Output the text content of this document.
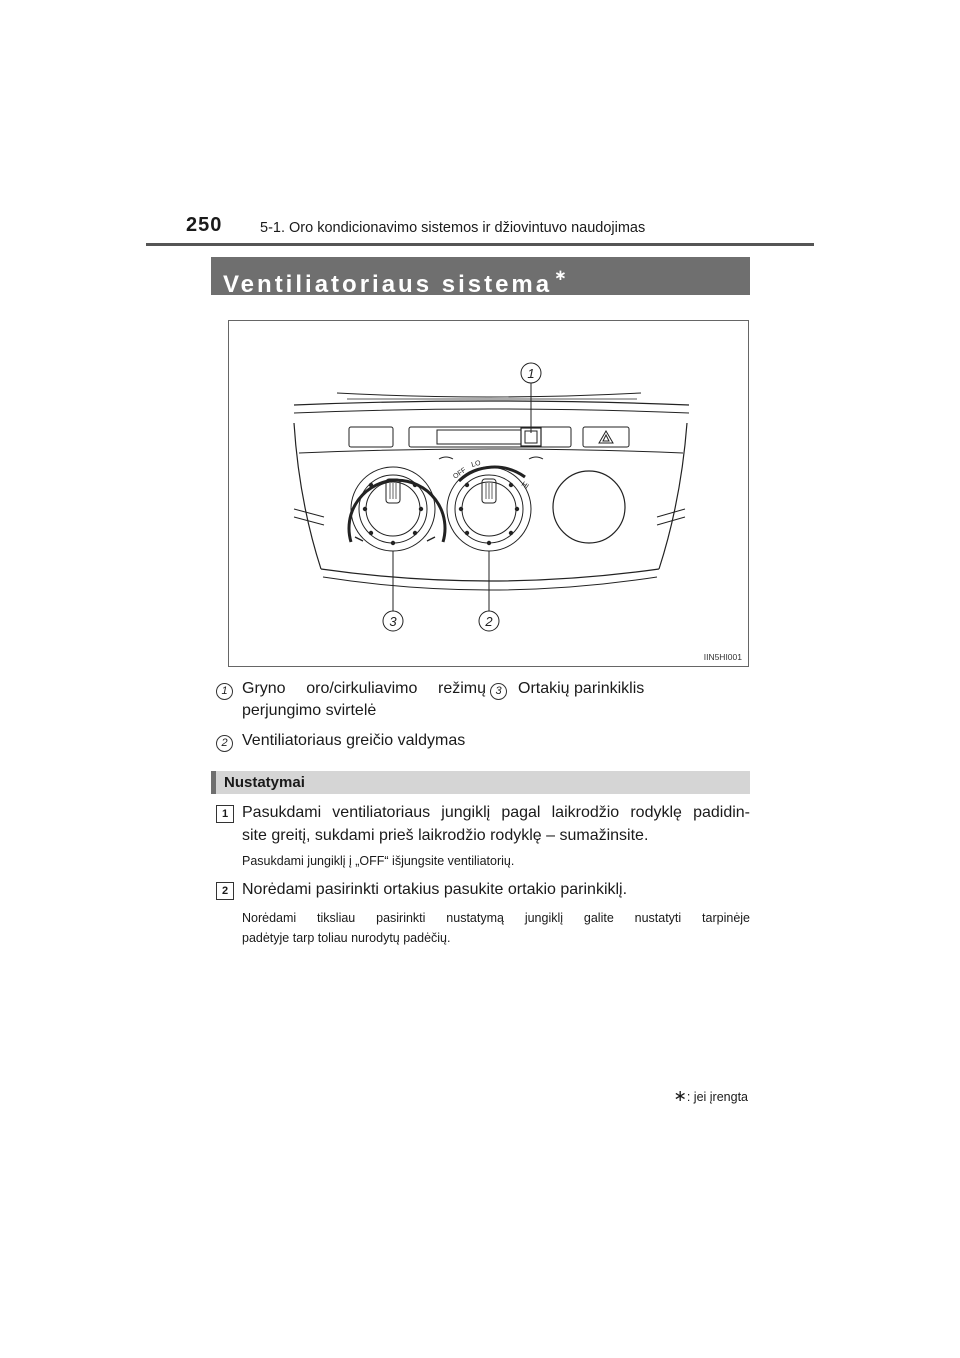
250	5-1. Oro kondicionavimo sistemos ir džiovintuvo naudojimas
Ventiliatoriaus sistema ∗
OFF
LO
HI
1
2
3
IIN5HI001
1 Gryno oro/cirkuliavimo režimų
perjungimo svirtelė
3	Ortakių parinkiklis
2 Ventiliatoriaus greičio valdymas
Nustatymai
1 Pasukdami ventiliatoriaus jungiklį pagal laikrodžio rodyklę padidin-
site greitį, sukdami prieš laikrodžio rodyklę – sumažinsite.
Pasukdami jungiklį į „OFF“ išjungsite ventiliatorių.
2 Norėdami pasirinkti ortakius pasukite ortakio parinkiklį.
Norėdami tiksliau pasirinkti nustatymą jungiklį galite nustatyti tarpinėje
padėtyje tarp toliau nurodytų padėčių.
∗: jei įrengta
